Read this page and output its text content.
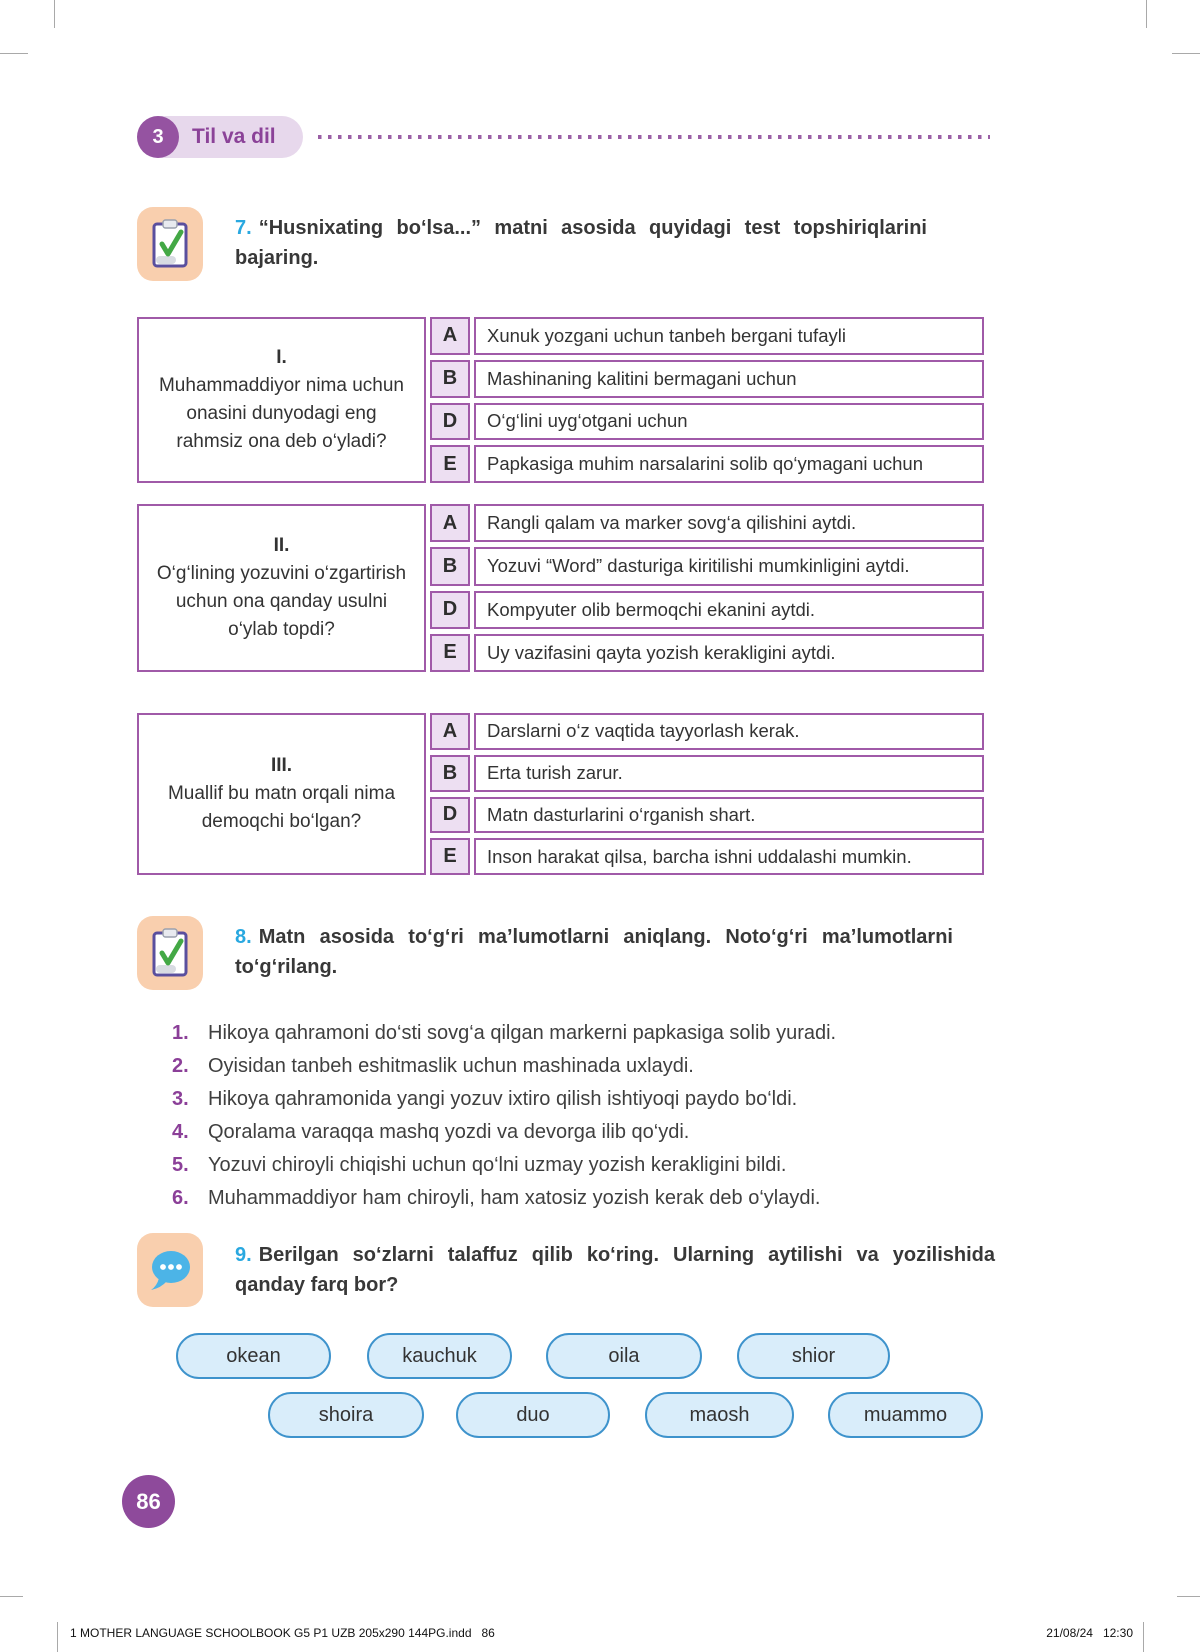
3	Til va dil

7. “Husnixating bo‘lsa...” matni asosida quyidagi test topshiriqlarini bajaring.

I.
Muhammaddiyor nima uchun onasini dunyodagi eng rahmsiz ona deb o‘yladi?
A	Xunuk yozgani uchun tanbeh bergani tufayli
B	Mashinaning kalitini bermagani uchun
D	O‘g‘lini uyg‘otgani uchun
E	Papkasiga muhim narsalarini solib qo‘ymagani uchun
II.
O‘g‘lining yozuvini o‘zgartirish uchun ona qanday usulni o‘ylab topdi?
A	Rangli qalam va marker sovg‘a qilishini aytdi.
B	Yozuvi “Word” dasturiga kiritilishi mumkinligini aytdi.
D	Kompyuter olib bermoqchi ekanini aytdi.
E	Uy vazifasini qayta yozish kerakligini aytdi.
III.
Muallif bu matn orqali nima demoqchi bo‘lgan?
A	Darslarni o‘z vaqtida tayyorlash kerak.
B	Erta turish zarur.
D	Matn dasturlarini o‘rganish shart.
E	Inson harakat qilsa, barcha ishni uddalashi mumkin.

8. Matn asosida to‘g‘ri ma’lumotlarni aniqlang. Noto‘g‘ri ma’lumotlarni to‘g‘rilang.

1. Hikoya qahramoni do‘sti sovg‘a qilgan markerni papkasiga solib yuradi.
2. Oyisidan tanbeh eshitmaslik uchun mashinada uxlaydi.
3. Hikoya qahramonida yangi yozuv ixtiro qilish ishtiyoqi paydo bo‘ldi.
4. Qoralama varaqqa mashq yozdi va devorga ilib qo‘ydi.
5. Yozuvi chiroyli chiqishi uchun qo‘lni uzmay yozish kerakligini bildi.
6. Muhammaddiyor ham chiroyli, ham xatosiz yozish kerak deb o‘ylaydi.

9. Berilgan so‘zlarni talaffuz qilib ko‘ring. Ularning aytilishi va yozilishida qanday farq bor?

okean	kauchuk	oila	shior
shoira	duo	maosh	muammo
86
1 MOTHER LANGUAGE SCHOOLBOOK G5 P1 UZB 205x290 144PG.indd   86	21/08/24   12:30
